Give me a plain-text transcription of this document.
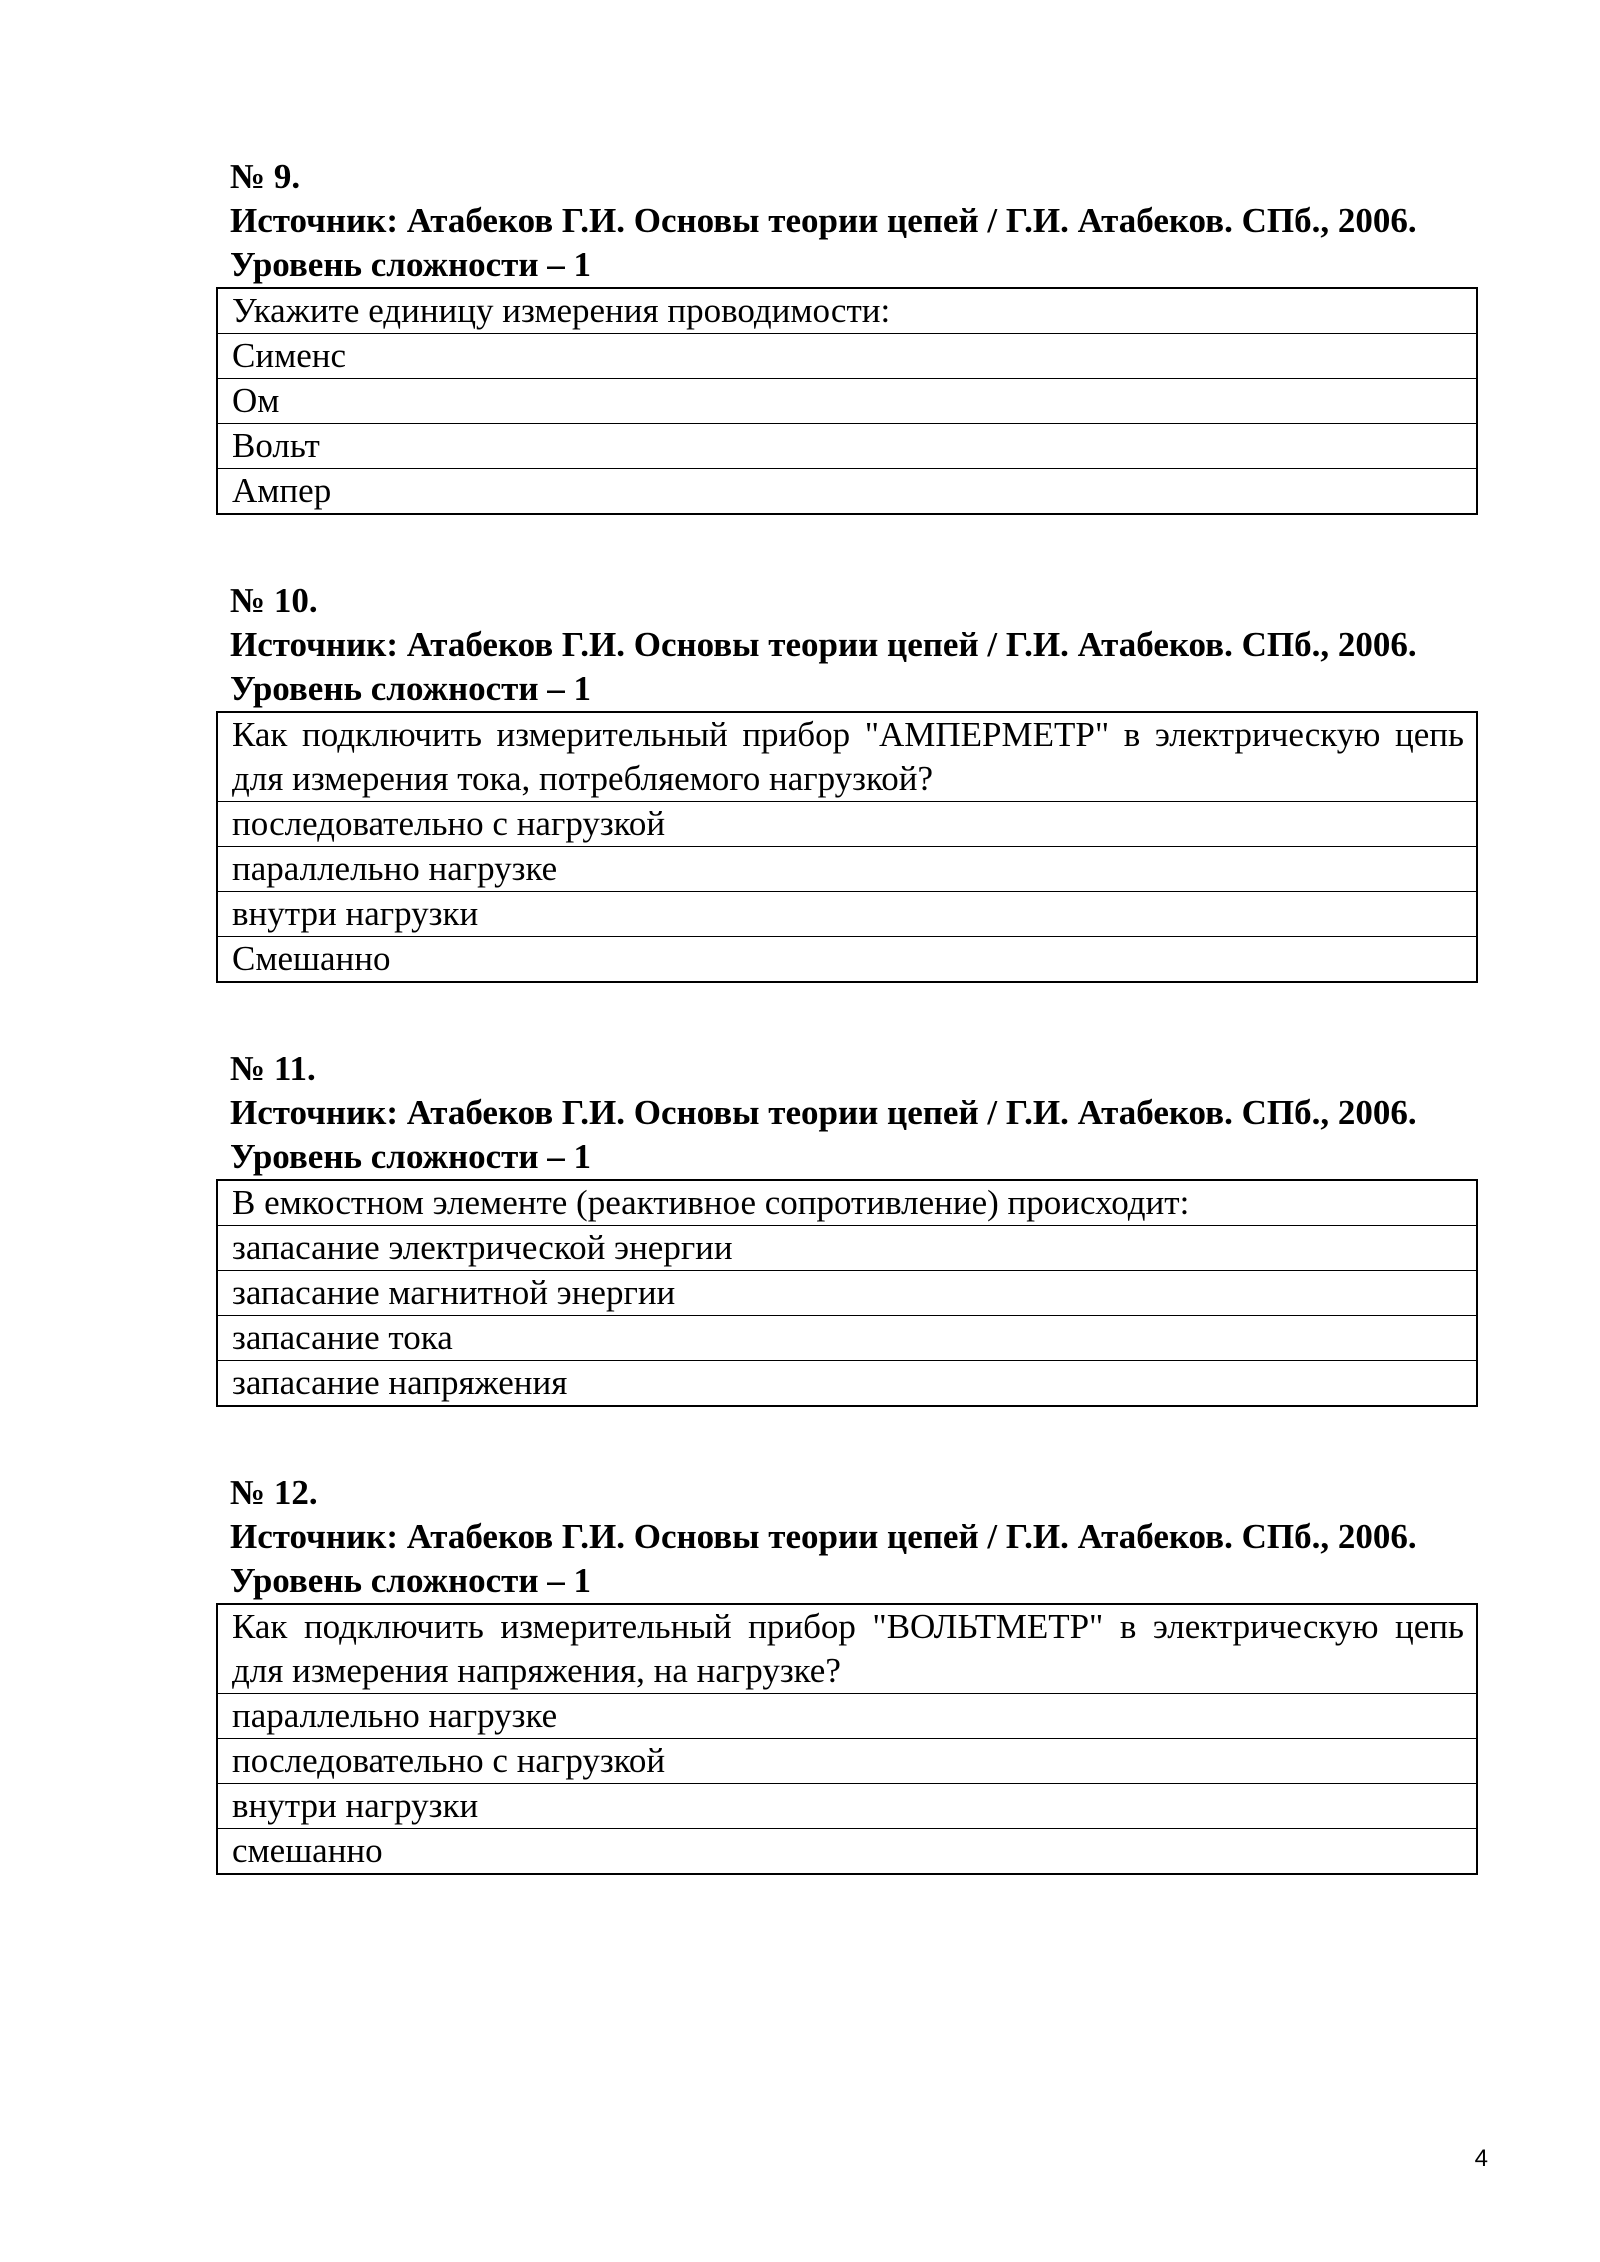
№ 9.
Источник: Атабеков Г.И. Основы теории цепей / Г.И. Атабеков. СПб., 2006.
Уровень сложности – 1
Укажите единицу измерения проводимости:
Сименс
Ом
Вольт
Ампер
№ 10.
Источник: Атабеков Г.И. Основы теории цепей / Г.И. Атабеков. СПб., 2006.
Уровень сложности – 1
Как подключить измерительный прибор "АМПЕРМЕТР" в электрическую цепь для измерения тока, потребляемого нагрузкой?
последовательно с нагрузкой
параллельно нагрузке
внутри нагрузки
Смешанно
№ 11.
Источник: Атабеков Г.И. Основы теории цепей / Г.И. Атабеков. СПб., 2006.
Уровень сложности – 1
В емкостном элементе (реактивное сопротивление) происходит:
запасание электрической энергии
запасание магнитной энергии
запасание тока
запасание напряжения
№ 12.
Источник: Атабеков Г.И. Основы теории цепей / Г.И. Атабеков. СПб., 2006.
Уровень сложности – 1
Как подключить измерительный прибор "ВОЛЬТМЕТР" в электрическую цепь для измерения напряжения, на нагрузке?
параллельно нагрузке
последовательно с нагрузкой
внутри нагрузки
смешанно
4
